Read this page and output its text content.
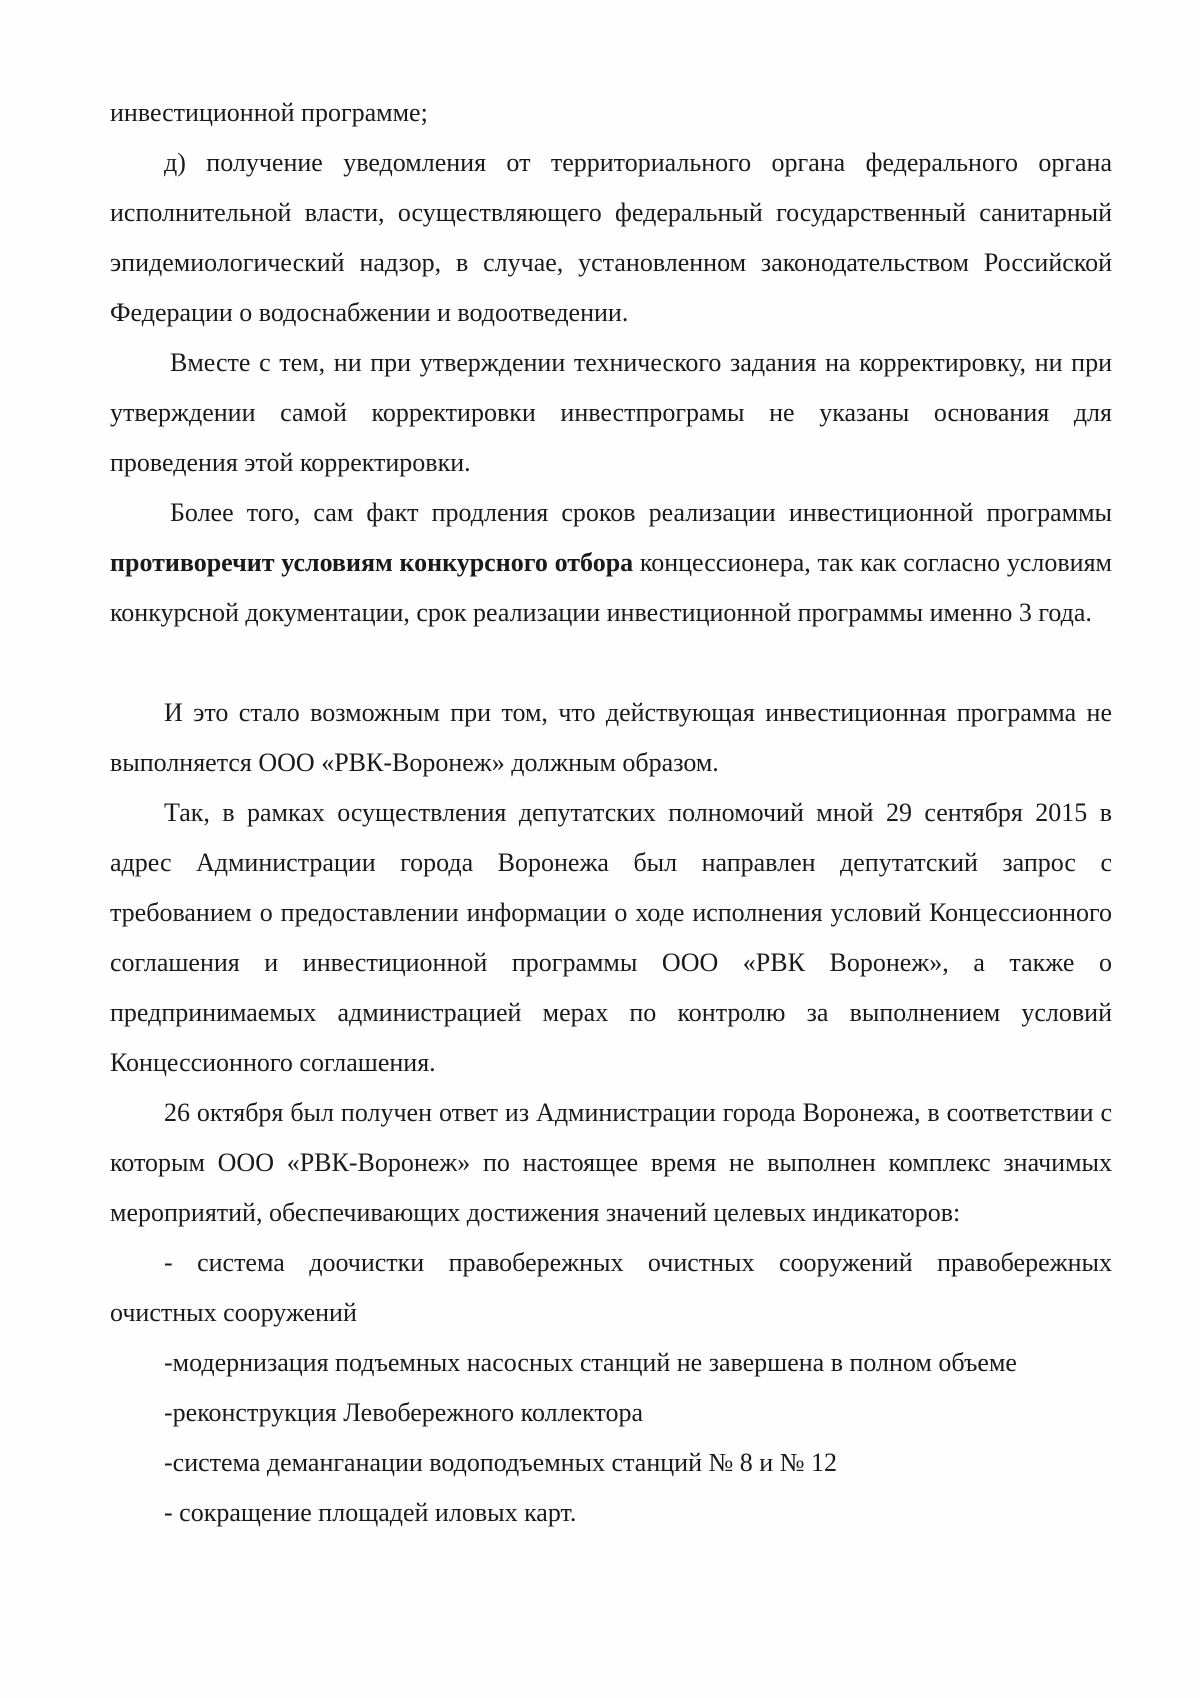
инвестиционной программе;

д) получение уведомления от территориального органа федерального органа исполнительной власти, осуществляющего федеральный государственный санитарный эпидемиологический надзор, в случае, установленном законодательством Российской Федерации о водоснабжении и водоотведении.

Вместе с тем, ни при утверждении технического задания на корректировку, ни при утверждении самой корректировки инвестпрограмы не указаны основания для проведения этой корректировки.

Более того, сам факт продления сроков реализации инвестиционной программы противоречит условиям конкурсного отбора концессионера, так как согласно условиям конкурсной документации, срок реализации инвестиционной программы именно 3 года.

И это стало возможным при том, что действующая инвестиционная программа не выполняется ООО «РВК-Воронеж» должным образом.

Так, в рамках осуществления депутатских полномочий мной 29 сентября 2015 в адрес Администрации города Воронежа был направлен депутатский запрос с требованием о предоставлении информации о ходе исполнения условий Концессионного соглашения и инвестиционной программы ООО «РВК Воронеж», а также о предпринимаемых администрацией мерах по контролю за выполнением условий Концессионного соглашения.

26 октября был получен ответ из Администрации города Воронежа, в соответствии с которым ООО «РВК-Воронеж» по настоящее время не выполнен комплекс значимых мероприятий, обеспечивающих достижения значений целевых индикаторов:

- система доочистки правобережных очистных сооружений правобережных очистных сооружений

-модернизация подъемных насосных станций не завершена в полном объеме

-реконструкция Левобережного коллектора

-система деманганации водоподъемных станций № 8 и № 12

- сокращение площадей иловых карт.
